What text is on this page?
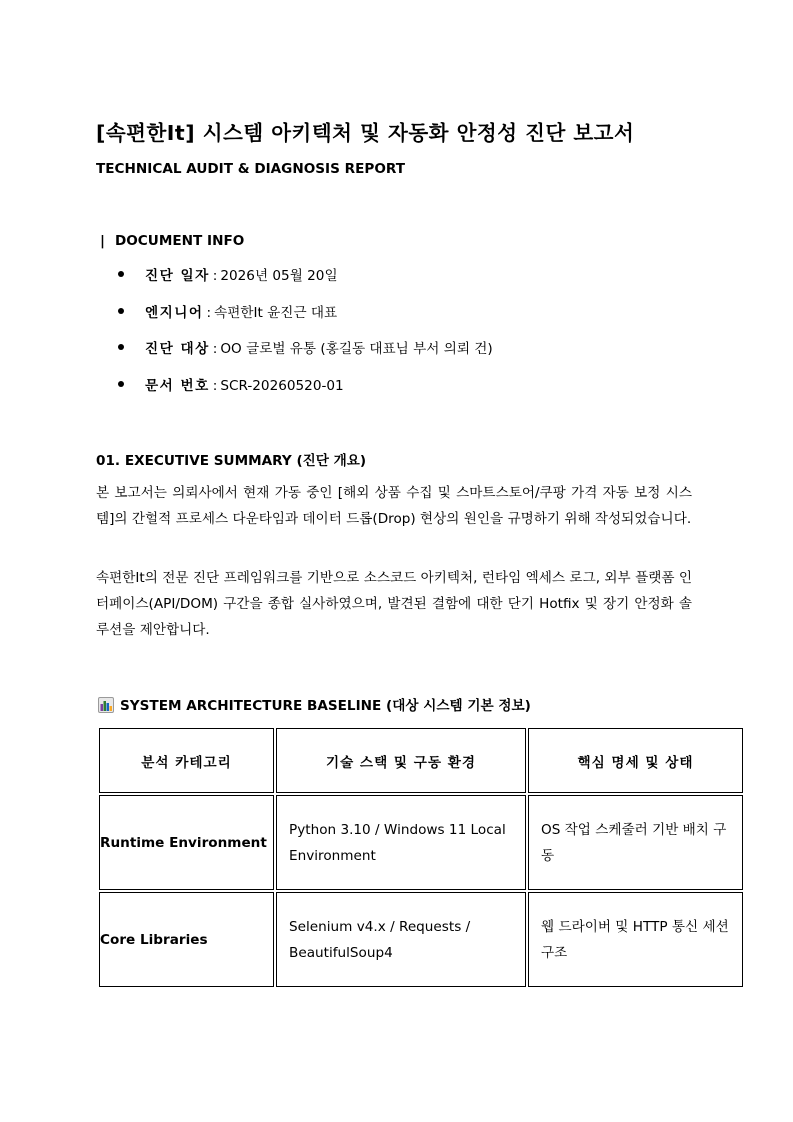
[속편한It] 시스템 아키텍처 및 자동화 안정성 진단 보고서
TECHNICAL AUDIT & DIAGNOSIS REPORT
| DOCUMENT INFO
진단 일자 : 2026년 05월 20일
엔지니어 : 속편한It 윤진근 대표
진단 대상 : OO 글로벌 유통 (홍길동 대표님 부서 의뢰 건)
문서 번호 : SCR-20260520-01
01. EXECUTIVE SUMMARY (진단 개요)

본 보고서는 의뢰사에서 현재 가동 중인 [해외 상품 수집 및 스마트스토어/쿠팡 가격 자동 보정 시스템]의 간헐적 프로세스 다운타임과 데이터 드롭(Drop) 현상의 원인을 규명하기 위해 작성되었습니다.

속편한It의 전문 진단 프레임워크를 기반으로 소스코드 아키텍처, 런타임 엑세스 로그, 외부 플랫폼 인터페이스(API/DOM) 구간을 종합 실사하였으며, 발견된 결함에 대한 단기 Hotfix 및 장기 안정화 솔루션을 제안합니다.

SYSTEM ARCHITECTURE BASELINE (대상 시스템 기본 정보)
분석 카테고리	기술 스택 및 구동 환경	핵심 명세 및 상태
Runtime Environment	Python 3.10 / Windows 11 Local Environment	OS 작업 스케줄러 기반 배치 구동
Core Libraries	Selenium v4.x / Requests / BeautifulSoup4	웹 드라이버 및 HTTP 통신 세션 구조
